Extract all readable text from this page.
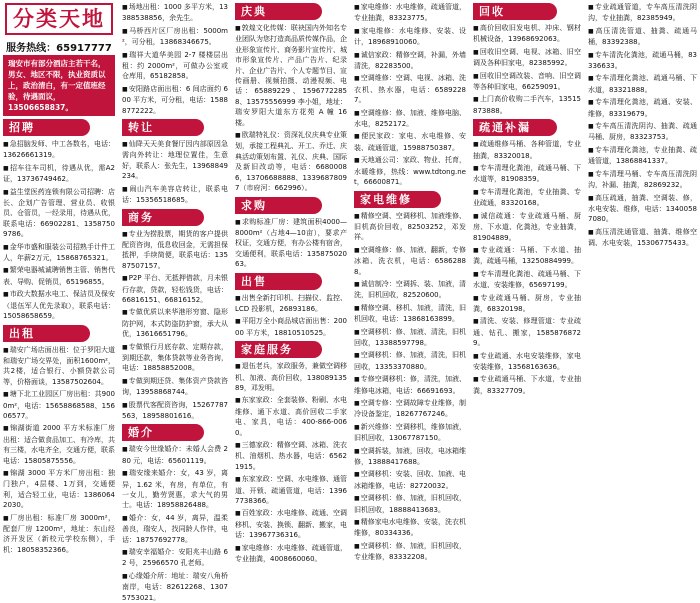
分类天地
服务热线：65917777
瑞安市有部分酒店主若干名，男女、地区不限，执业资质以上，政治清白，有一定值班经验，待遇面议，13506658837。
招聘

■ 急招脑发师、中工各数名，电话：13626661319。

■ 招车往车司机，待遇从优，需A2证，13736749462。

■ 益生堂医药连锁有限公司招聘：店长、企划广告管理、营业员、收银员、仓管员，一经录用，待遇从优，联系电话：66902281、13587509786。

■ 金华市盛和服装公司招熟手计件工人，年薪2万元，15868765321。

■ 繁荣电器城诚聘销售主管、销售代表、导购、促销员，65196855。

■ 市政大数据水电工、保洁员及保安（退伍军人优先录取），联系电话：15058658659。

出租

■ 瑞安广场店面出租：位于罗阳大道和瑞安广场交界处，面积1600m²，共2楼，适合银行、小额贷款公司等，价格面谈，13587502604。

■ 塘下北工业园区厂房出租：共9000m²，电话：15658868588、15606577。

■ 锦湖街道 2000 平方米标准厂房出租：适合做食品加工、有冷库，共有三楼，水电齐全，交通方便，联系电话：15805875556。

■ 锦湖 3000 平方米厂房出租：独门独户，4层楼、1万到，交通便利，适合轻工业，电话：13860642030。

■ 厂房出租：标准厂房 3000m²，配套厂房 1200m²，地址：东山经济开发区（新校元学校东侧），手机：18058352366。

■ 场地出租：1000 多平方米，13388538856，余先生。

■ 马桥西片区厂房出租：5000m²，可分租，13868346675。

■ 瑞祥大道华美园 2-7 楼楼层出租：约 2000m²，可做办公室或仓库用，65182858。

■ 安阳路店面出租：6 间店面约 600 平方米，可分租，电话：15888772222。

转让

■ 仙降天天美食餐厅因内部原因急需向外转让：地理位置佳，生意好，联系人：张先生，13968849234。

■ 闹山汽车美容店转让，联系电话：15356518685。

商务

■ 专业为捞股票，期货的客户提供配资咨询，低息收回金，无需担保抵押，手续简便，联系电话：13587507157。

■ P2P 平台、无抵押借款，月未银行存款，贷款，轻松钱货，电话：66816151、66816152。

■ 专做优质以来华港形穷窗、隐形防护网，本式防盗防护窗，承大从优，13616651796。

■ 专做银行月底存款、定期存款，到期还款，集体贷款等业务咨询，电话：18858852008。

■ 专做到期还贷、集体资产贷款咨询，13958868744。

■ 股票代客配资咨询，15267787563，18958801616。

婚介

■ 瑞安今世缘婚介：未婚人会费 280 元，电话：65601119。

■ 瑞安缘来婚介：女，43 岁，离异，1.62 米，有房，有单位，有一女儿，勤劳贤惠，求大气的男士。电话：18958826488。

■ 婚介：女，44 岁，离异，温柔善良，瑞安人，找同龄人作伴，电话：18757692778。

■ 瑞安幸福婚介：安阳兆丰山路 62 号，25966570 孔老师。

■ 心缘婚介所：地址：瑞安八角桥南岸，电话：82612268、13075753021。

庆典

■ 敦煌文化传媒：联袂国内外知名专业团队为您打造高品质传媒作品，企业形象宣传片、商务影片宣传片、城市形象宣传片、产品广告片、纪录片、企业广告片、个人专题节目、宣传画册、视频拍摄、动漫视频、电话：65889229、15967722858、13575556999 李小姐，地址：瑞安罗阳大道东方花苑 A 幢 16 楼。

■ 欧瑞特礼仪：资深礼仪庆典专业策划，承接工程典礼、开工、乔迁、庆典活动策划布置、礼仪、庆典、国际及新旧改动等，电话：66800086，13706688888、13396878097（市府河：662996）。

求购

■ 求购标准厂房：建筑面积4000—8000m²（占地4—10亩），要求产权证，交通方便，有办公楼有宿舍，交通便利，联系电话：13587502063。

出售

■ 出售全新打印机、扫描仪、监控、LCD 投影机，26893186。

■ 平阳万全小商品城店面出售：20000 平方米，18810510525。

家庭服务

■ 退伍老兵，家政服务，兼做空调移机、加液、高价回收，13808913589，邓发明。

■ 东家家政：全套装修、粉刷、水电维修、通下水道、高价回收二手家电、家具，电话：400-866-0060。

■ 三德家政：精修空调、冰箱、洗衣机、油烟机、热水器，电话：65621915。

■ 东家家政：空调、水电维修、通管道、开锁、疏通管道，电话：13967738366。

■ 百姓家政：水电维修、疏通、空调移机、安装、换锁、翻新、搬家，电话：13967736316。

■ 家电维修：水电维修、疏通管道，专业抽粪，4008660060。

■ 家电维修：水电维修，疏通管道，专业抽粪，83323775。

■ 家电维修：水电维修、安装、设计，18968910060。

■ 诚信家政：精修空调，补漏，外墙清洗，82283500。

■ 空调维修：空调、电视、冰箱、洗衣机、热水器，电话：65892287。

■ 空调维修：修、加液、维修电脑、水电，8252172。

■ 便民家政：家电、水电维修、安装、疏通管道，15988750387。

■ 天地通公司：家政、物业、托育，水暖维修，热线：www.tdtong.net，66600871。

家电维修

■ 精修空调、空调移机、加液维修、旧机高价回收，82503252，邓发祥。

■ 空调维修：修、加液、翻新，专修冰箱、洗衣机，电话：65862888。

■ 诚信制冷：空调拆、装、加液，清洗，旧机回收，82520600。

■ 精修空调、移机、加液，清洗，旧机回收，电话：13868163899。

■ 空调移机：修、加液、清洗，旧机回收，13388597798。

■ 空调移机：修、加液，清洗，旧机回收，13353370880。

■ 专修空调移机：修，清洗，加液、维修电冰箱，电话：66691693。

■ 空调专修：空调故障专业维修，制冷设备鉴定，18267767246。

■ 新兴维修：空调移机，维修加液，旧机回收，13067787150。

■ 空调拆装，加液，回收，电冰箱维修，13888417688。

■ 空调移机：安装、回收、加液、电冰箱维修，电话：82720032。

■ 空调移机：修、加液，旧机回收，旧机回收，18888413683。

■ 精修家电水电维修、安装，洗衣机维修，80334336。

■ 空调移机：修、加液，旧机回收，专业维修，83332208。

回收

■ 高价回收旧发电机、冲床、钢材机械设备，13968692063。

■ 回收旧空调、电视、冰箱、旧空调及各种旧家电，82385992。

■ 回收旧空调改装、音响、旧空调等各种旧家电，66259091。

■ 上门高价收购二手汽车，13515873888。

疏通补漏

■ 疏通维修马桶、各种管道，专业抽粪，83320018。

■ 专车清理化粪池，疏通马桶、下水道等，81908359。

■ 专车清理化粪池，专业抽粪、专业疏通，83320168。

■ 诚信疏通：专业疏通马桶、厨房、下水道、化粪池，专业抽粪，81904889。

■ 专业疏通：马桶、下水道、抽粪，疏通马桶，13250884999。

■ 专车清理化粪池、疏通马桶、下水道、安装维修，65697199。

■ 专业疏通马桶、厨房，专业抽粪，68320198。

■ 清洗、安装、修理管道：专业疏通、钻孔、搬家，15858768729。

■ 专业疏通、水电安装维修，家电安装维修，13568163636。

■ 专业疏通马桶、下水道，专业抽粪，83327709。

■ 专业疏通管道，专车高压清洗阴沟，专业抽粪，82385949。

■ 高压清洗管道、抽粪、疏通马桶，83392388。

■ 专车清洗化粪池，疏通马桶，83336633。

■ 专车清理化粪池、疏通马桶、下水道，83321888。

■ 专车清理化粪池，疏通、安装、维修，83319679。

■ 专车高压清洗阴沟、抽粪、疏通马桶、厨房，83323753。

■ 专车清理化粪池，专业抽粪、疏通管道，13868841337。

■ 专车清理马桶、专车高压清洗阴沟，补漏、抽粪，82869232。

■ 高压疏通，抽粪、空调装、修，水电安装、维修，电话：13400587080。

■ 高压清洗通管道、抽粪、维修空调、水电安装，15306775433。
